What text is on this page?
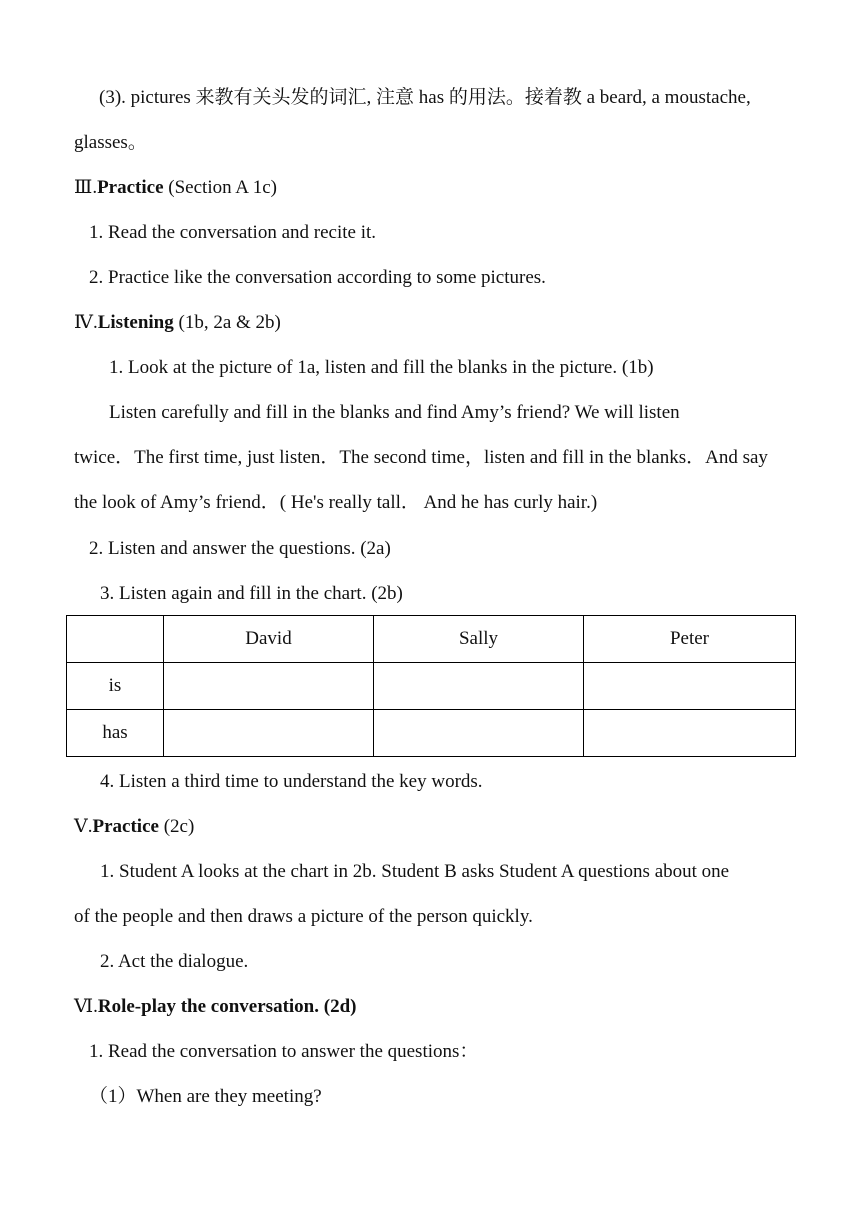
(3). pictures 来教有关头发的词汇, 注意 has 的用法。接着教 a beard, a moustache,
glasses。
Ⅲ.Practice (Section A 1c)
1. Read the conversation and recite it.
2. Practice like the conversation according to some pictures.
Ⅳ.Listening (1b, 2a & 2b)
1. Look at the picture of 1a, listen and fill the blanks in the picture. (1b)
Listen carefully and fill in the blanks and find Amy’s friend? We will listen
twice．The first time, just listen．The second time，listen and fill in the blanks．And say
the look of Amy’s friend．( He's really tall． And he has curly hair.)
2. Listen and answer the questions. (2a)
3. Listen again and fill in the chart. (2b)
	David	Sally	Peter
is			
has			
4. Listen a third time to understand the key words.
Ⅴ.Practice (2c)
1. Student A looks at the chart in 2b. Student B asks Student A questions about one
of the people and then draws a picture of the person quickly.
2. Act the dialogue.
Ⅵ.Role-play the conversation. (2d)
1. Read the conversation to answer the questions：
（1）When are they meeting?
